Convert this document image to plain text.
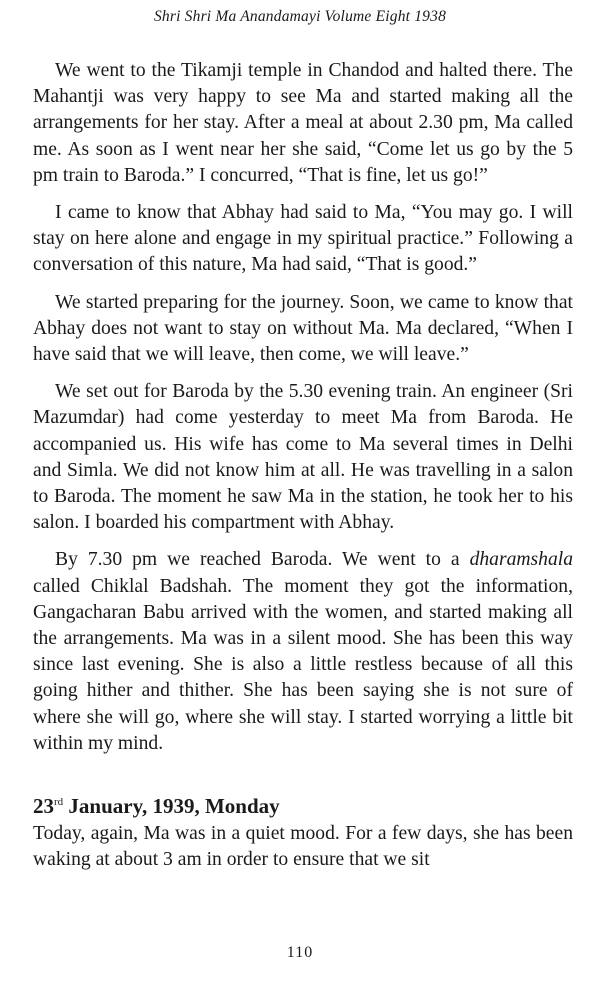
Shri Shri Ma Anandamayi Volume Eight 1938

We went to the Tikamji temple in Chandod and halted there. The Mahantji was very happy to see Ma and started making all the arrangements for her stay. After a meal at about 2.30 pm, Ma called me. As soon as I went near her she said, “Come let us go by the 5 pm train to Baroda.” I concurred, “That is fine, let us go!”

I came to know that Abhay had said to Ma, “You may go. I will stay on here alone and engage in my spiritual practice.” Following a conversation of this nature, Ma had said, “That is good.”

We started preparing for the journey. Soon, we came to know that Abhay does not want to stay on without Ma. Ma declared, “When I have said that we will leave, then come, we will leave.”

We set out for Baroda by the 5.30 evening train. An engineer (Sri Mazumdar) had come yesterday to meet Ma from Baroda. He accompanied us. His wife has come to Ma several times in Delhi and Simla. We did not know him at all. He was travelling in a salon to Baroda. The moment he saw Ma in the station, he took her to his salon. I boarded his compartment with Abhay.

By 7.30 pm we reached Baroda. We went to a dharamshala called Chiklal Badshah. The moment they got the information, Gangacharan Babu arrived with the women, and started making all the arrangements. Ma was in a silent mood. She has been this way since last evening. She is also a little restless because of all this going hither and thither. She has been saying she is not sure of where she will go, where she will stay. I started worrying a little bit within my mind.

23rd January, 1939, Monday

Today, again, Ma was in a quiet mood. For a few days, she has been waking at about 3 am in order to ensure that we sit

110
